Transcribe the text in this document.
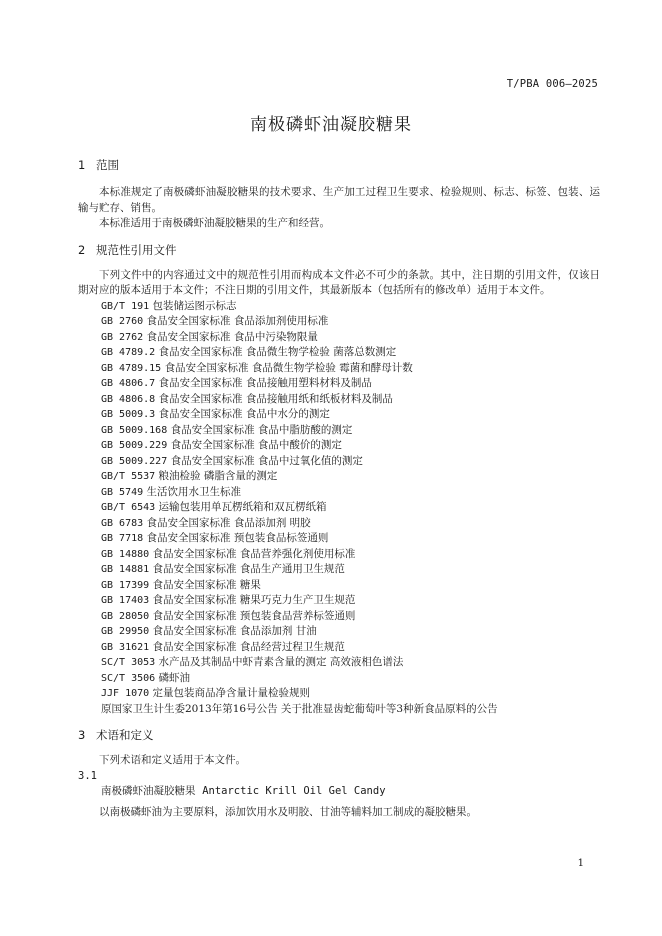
T/PBA 006—2025
南极磷虾油凝胶糖果

1 范围

本标准规定了南极磷虾油凝胶糖果的技术要求、生产加工过程卫生要求、检验规则、标志、标签、包装、运输与贮存、销售。

本标准适用于南极磷虾油凝胶糖果的生产和经营。

2 规范性引用文件

下列文件中的内容通过文中的规范性引用而构成本文件必不可少的条款。其中，注日期的引用文件，仅该日期对应的版本适用于本文件；不注日期的引用文件，其最新版本（包括所有的修改单）适用于本文件。

GB/T 191 包装储运图示标志
GB 2760 食品安全国家标准 食品添加剂使用标准
GB 2762 食品安全国家标准 食品中污染物限量
GB 4789.2 食品安全国家标准 食品微生物学检验 菌落总数测定
GB 4789.15 食品安全国家标准 食品微生物学检验 霉菌和酵母计数
GB 4806.7 食品安全国家标准 食品接触用塑料材料及制品
GB 4806.8 食品安全国家标准 食品接触用纸和纸板材料及制品
GB 5009.3 食品安全国家标准 食品中水分的测定
GB 5009.168 食品安全国家标准 食品中脂肪酸的测定
GB 5009.229 食品安全国家标准 食品中酸价的测定
GB 5009.227 食品安全国家标准 食品中过氧化值的测定
GB/T 5537 粮油检验 磷脂含量的测定
GB 5749 生活饮用水卫生标准
GB/T 6543 运输包装用单瓦楞纸箱和双瓦楞纸箱
GB 6783 食品安全国家标准 食品添加剂 明胶
GB 7718 食品安全国家标准 预包装食品标签通则
GB 14880 食品安全国家标准 食品营养强化剂使用标准
GB 14881 食品安全国家标准 食品生产通用卫生规范
GB 17399 食品安全国家标准 糖果
GB 17403 食品安全国家标准 糖果巧克力生产卫生规范
GB 28050 食品安全国家标准 预包装食品营养标签通则
GB 29950 食品安全国家标准 食品添加剂 甘油
GB 31621 食品安全国家标准 食品经营过程卫生规范
SC/T 3053 水产品及其制品中虾青素含量的测定 高效液相色谱法
SC/T 3506 磷虾油
JJF 1070 定量包装商品净含量计量检验规则
原国家卫生计生委2013年第16号公告 关于批准显齿蛇葡萄叶等3种新食品原料的公告

3 术语和定义

下列术语和定义适用于本文件。

3.1

南极磷虾油凝胶糖果 Antarctic Krill Oil Gel Candy

以南极磷虾油为主要原料，添加饮用水及明胶、甘油等辅料加工制成的凝胶糖果。

1
